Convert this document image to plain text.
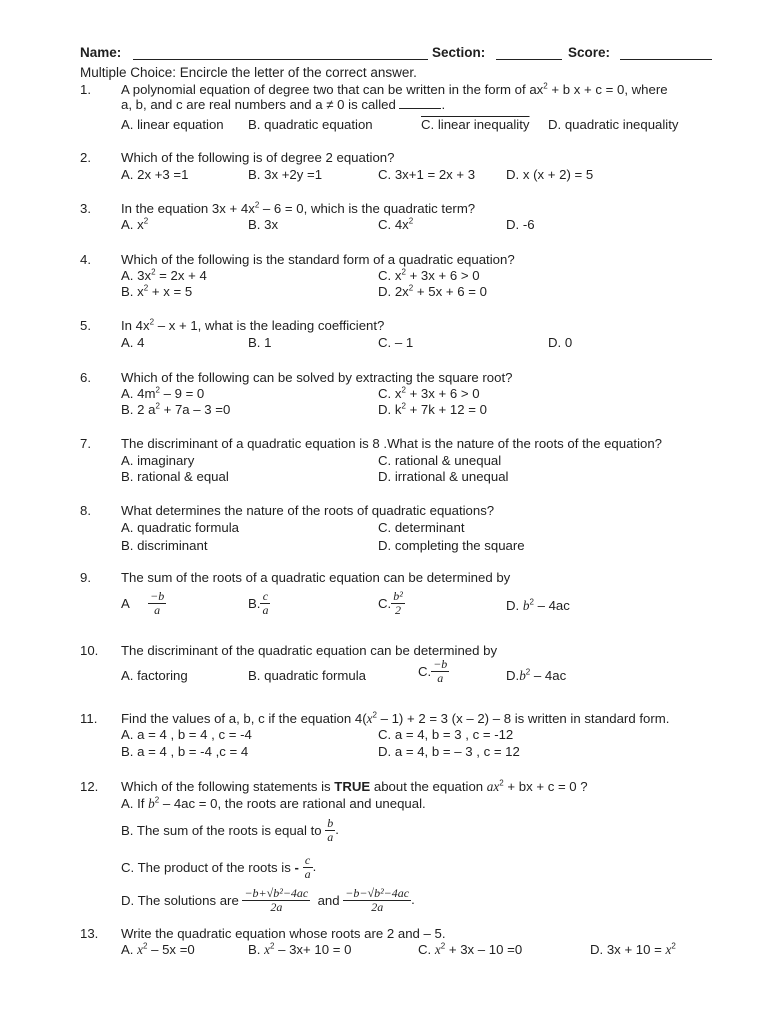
Name:	Section:	Score:
Multiple Choice: Encircle the letter of the correct answer.
1. A polynomial equation of degree two that can be written in the form of $ax^2 + b$ x + c = 0, where
a, b, and c are real numbers and a ≠ 0 is called	.
A. linear equation B. quadratic equation	C. linear inequality D. quadratic inequality
2. Which of the following is of degree 2 equation?
A. 2x +3 =1	B. 3x +2y =1	C. 3x+1 = 2x + 3 D. x (x + 2) = 5
3. In the equation $3x + 4x^2 - 6 = 0$, which is the quadratic term?
A. $x^2$	B. 3x	C. $4x^2$	D. -6
4. Which of the following is the standard form of a quadratic equation?
A. $3x^2 = 2x + 4$
B. $x^2 + x = 5$
C. $x^2 + 3x + 6 > 0$
D. $2x^2 + 5x + 6 = 0$
5. In $4x^2 - x + 1$, what is the leading coefficient?
A. 4	B. 1	C. – 1	D. 0
6. Which of the following can be solved by extracting the square root?
A. $4m^2 - 9 = 0$
B. 2 $a^2 + 7a - 3 =0$
C. $x^2 + 3x + 6 > 0$
D. $k^2 + 7k + 12 = 0$
7. The discriminant of a quadratic equation is 8 .What is the nature of the roots of the equation?
A. imaginary
B. rational & equal
C. rational & unequal
D. irrational & unequal
8. What determines the nature of the roots of quadratic equations?
A. quadratic formula
B. discriminant
C. determinant
D. completing the square
9. The sum of the roots of a quadratic equation can be determined by
A $\frac{-b}{a}$	B. $\frac{c}{a}$	C. $\frac{\text{b²}}{2}$	D. $b^2 - 4ac$
10. The discriminant of the quadratic equation can be determined by
A. factoring	B. quadratic formula	C. $\frac{-b}{a}$	$D.b^2 - 4ac$
11. Find the values of a, b, c if the equation $4(x^2 - 1) + 2 = 3$ (x – 2) – 8 is written in standard form.
A. a = 4 , b = 4 , c = -4
B. a = 4 , b = -4 ,c = 4
C. a = 4, b = 3 , c = -12
D. a = 4, b = – 3 , c = 12
12. Which of the following statements is TRUE about the equation $ax^2$ + bx + c = 0 ?
A. If $b^2 - 4ac = 0$, the roots are rational and unequal.
B. The sum of the roots is equal to $\frac{b}{a}$ .
C. The product of the roots is - $\frac{c}{a}$ .
D. The solutions are $\frac{\text{−b+√b²−4ac}}{2a}$ and $\frac{\text{−b−√b²−4ac}}{2a}$ .
13. Write the quadratic equation whose roots are 2 and – 5.
A. $x^2 - 5x =0$	B. $x^2 - 3x+ 10 = 0$	C. $x^2 + 3x - 10 =0$	D. $3x + 10 = x^2$
